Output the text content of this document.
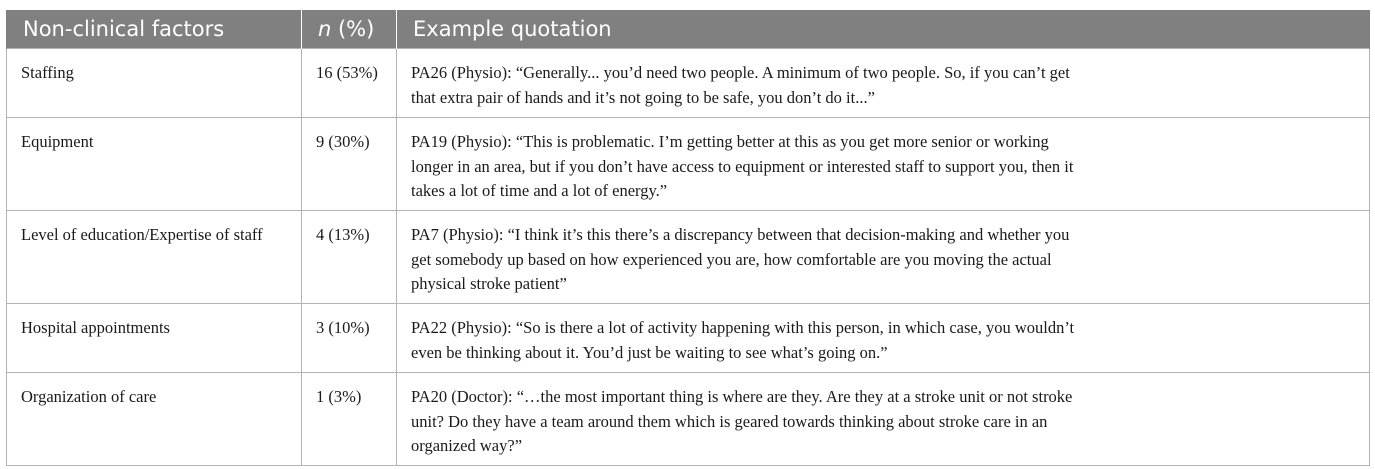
Non-clinical factors	n (%)	Example quotation
Staffing	16 (53%)	PA26 (Physio): “Generally... you’d need two people. A minimum of two people. So, if you can’t get
that extra pair of hands and it’s not going to be safe, you don’t do it...”
Equipment	9 (30%)	PA19 (Physio): “This is problematic. I’m getting better at this as you get more senior or working
longer in an area, but if you don’t have access to equipment or interested staff to support you, then it
takes a lot of time and a lot of energy.”
Level of education/Expertise of staff	4 (13%)	PA7 (Physio): “I think it’s this there’s a discrepancy between that decision-making and whether you
get somebody up based on how experienced you are, how comfortable are you moving the actual
physical stroke patient”
Hospital appointments	3 (10%)	PA22 (Physio): “So is there a lot of activity happening with this person, in which case, you wouldn’t
even be thinking about it. You’d just be waiting to see what’s going on.”
Organization of care	1 (3%)	PA20 (Doctor): “…the most important thing is where are they. Are they at a stroke unit or not stroke
unit? Do they have a team around them which is geared towards thinking about stroke care in an
organized way?”
